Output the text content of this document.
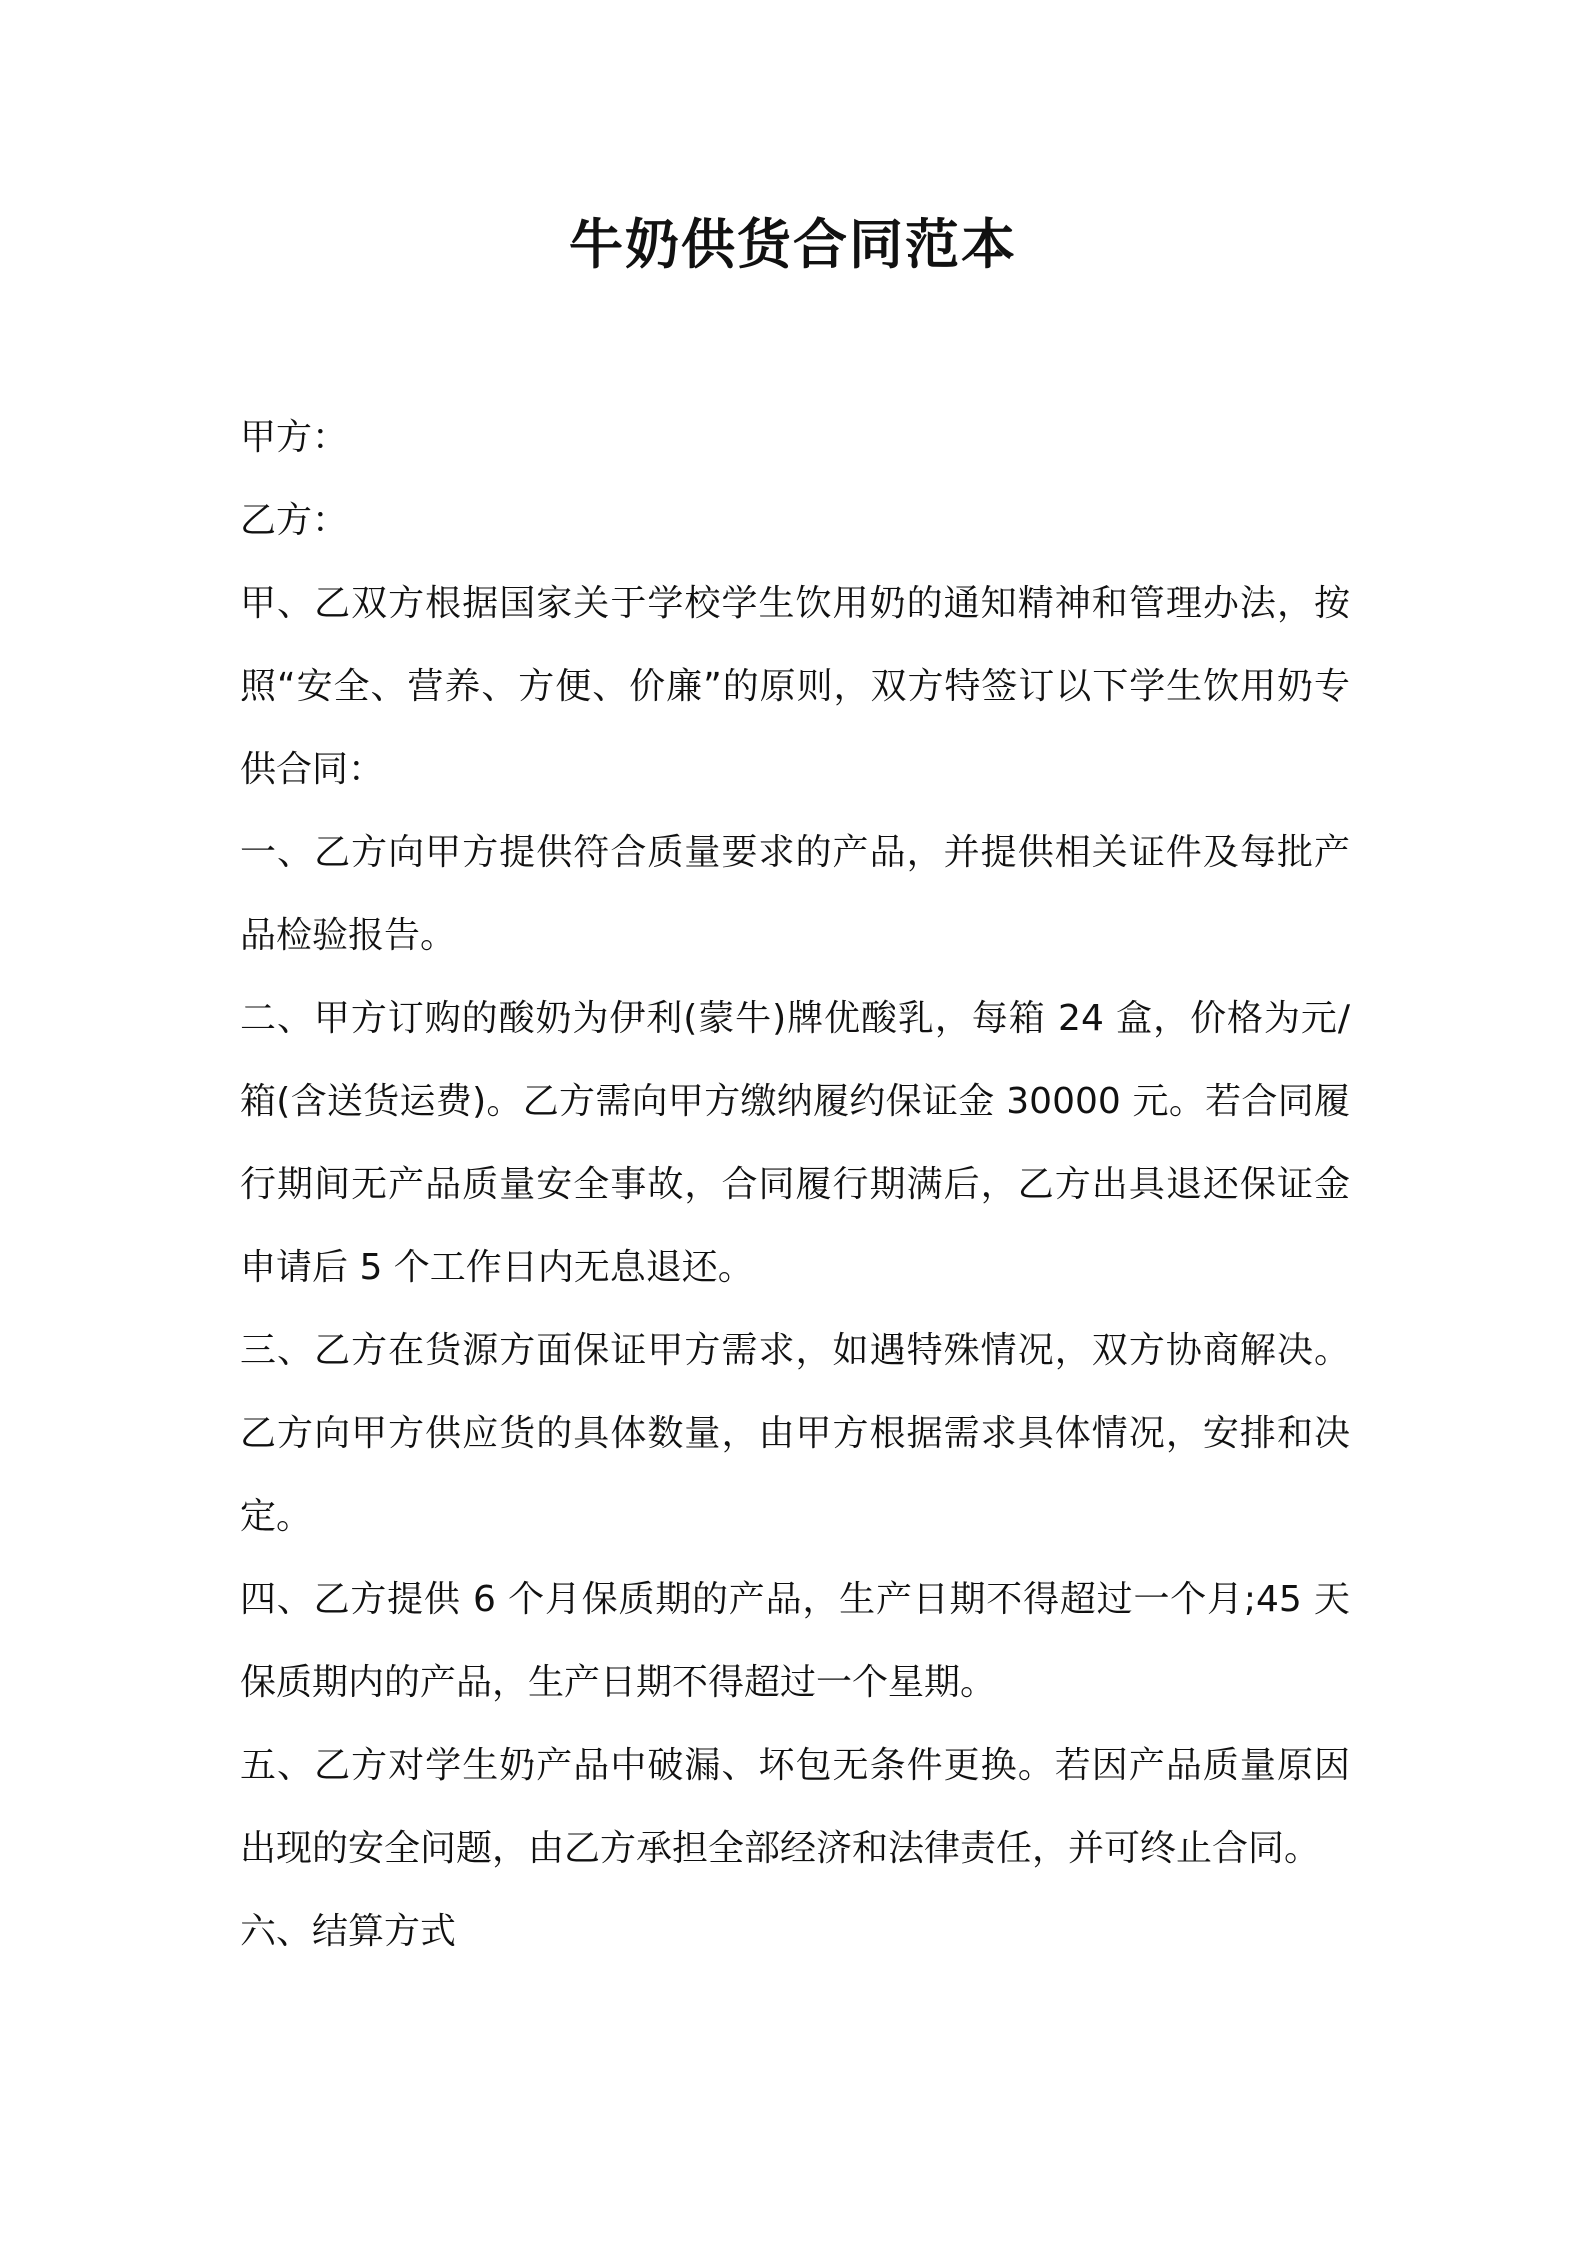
牛奶供货合同范本

甲方：

乙方：

甲、乙双方根据国家关于学校学生饮用奶的通知精神和管理办法，按照“安全、营养、方便、价廉”的原则，双方特签订以下学生饮用奶专供合同：

一、乙方向甲方提供符合质量要求的产品，并提供相关证件及每批产品检验报告。

二、甲方订购的酸奶为伊利(蒙牛)牌优酸乳，每箱 24 盒，价格为元/箱(含送货运费)。乙方需向甲方缴纳履约保证金 30000 元。若合同履行期间无产品质量安全事故，合同履行期满后，乙方出具退还保证金申请后 5 个工作日内无息退还。

三、乙方在货源方面保证甲方需求，如遇特殊情况，双方协商解决。乙方向甲方供应货的具体数量，由甲方根据需求具体情况，安排和决定。

四、乙方提供 6 个月保质期的产品，生产日期不得超过一个月;45 天保质期内的产品，生产日期不得超过一个星期。

五、乙方对学生奶产品中破漏、坏包无条件更换。若因产品质量原因出现的安全问题，由乙方承担全部经济和法律责任，并可终止合同。

六、结算方式
